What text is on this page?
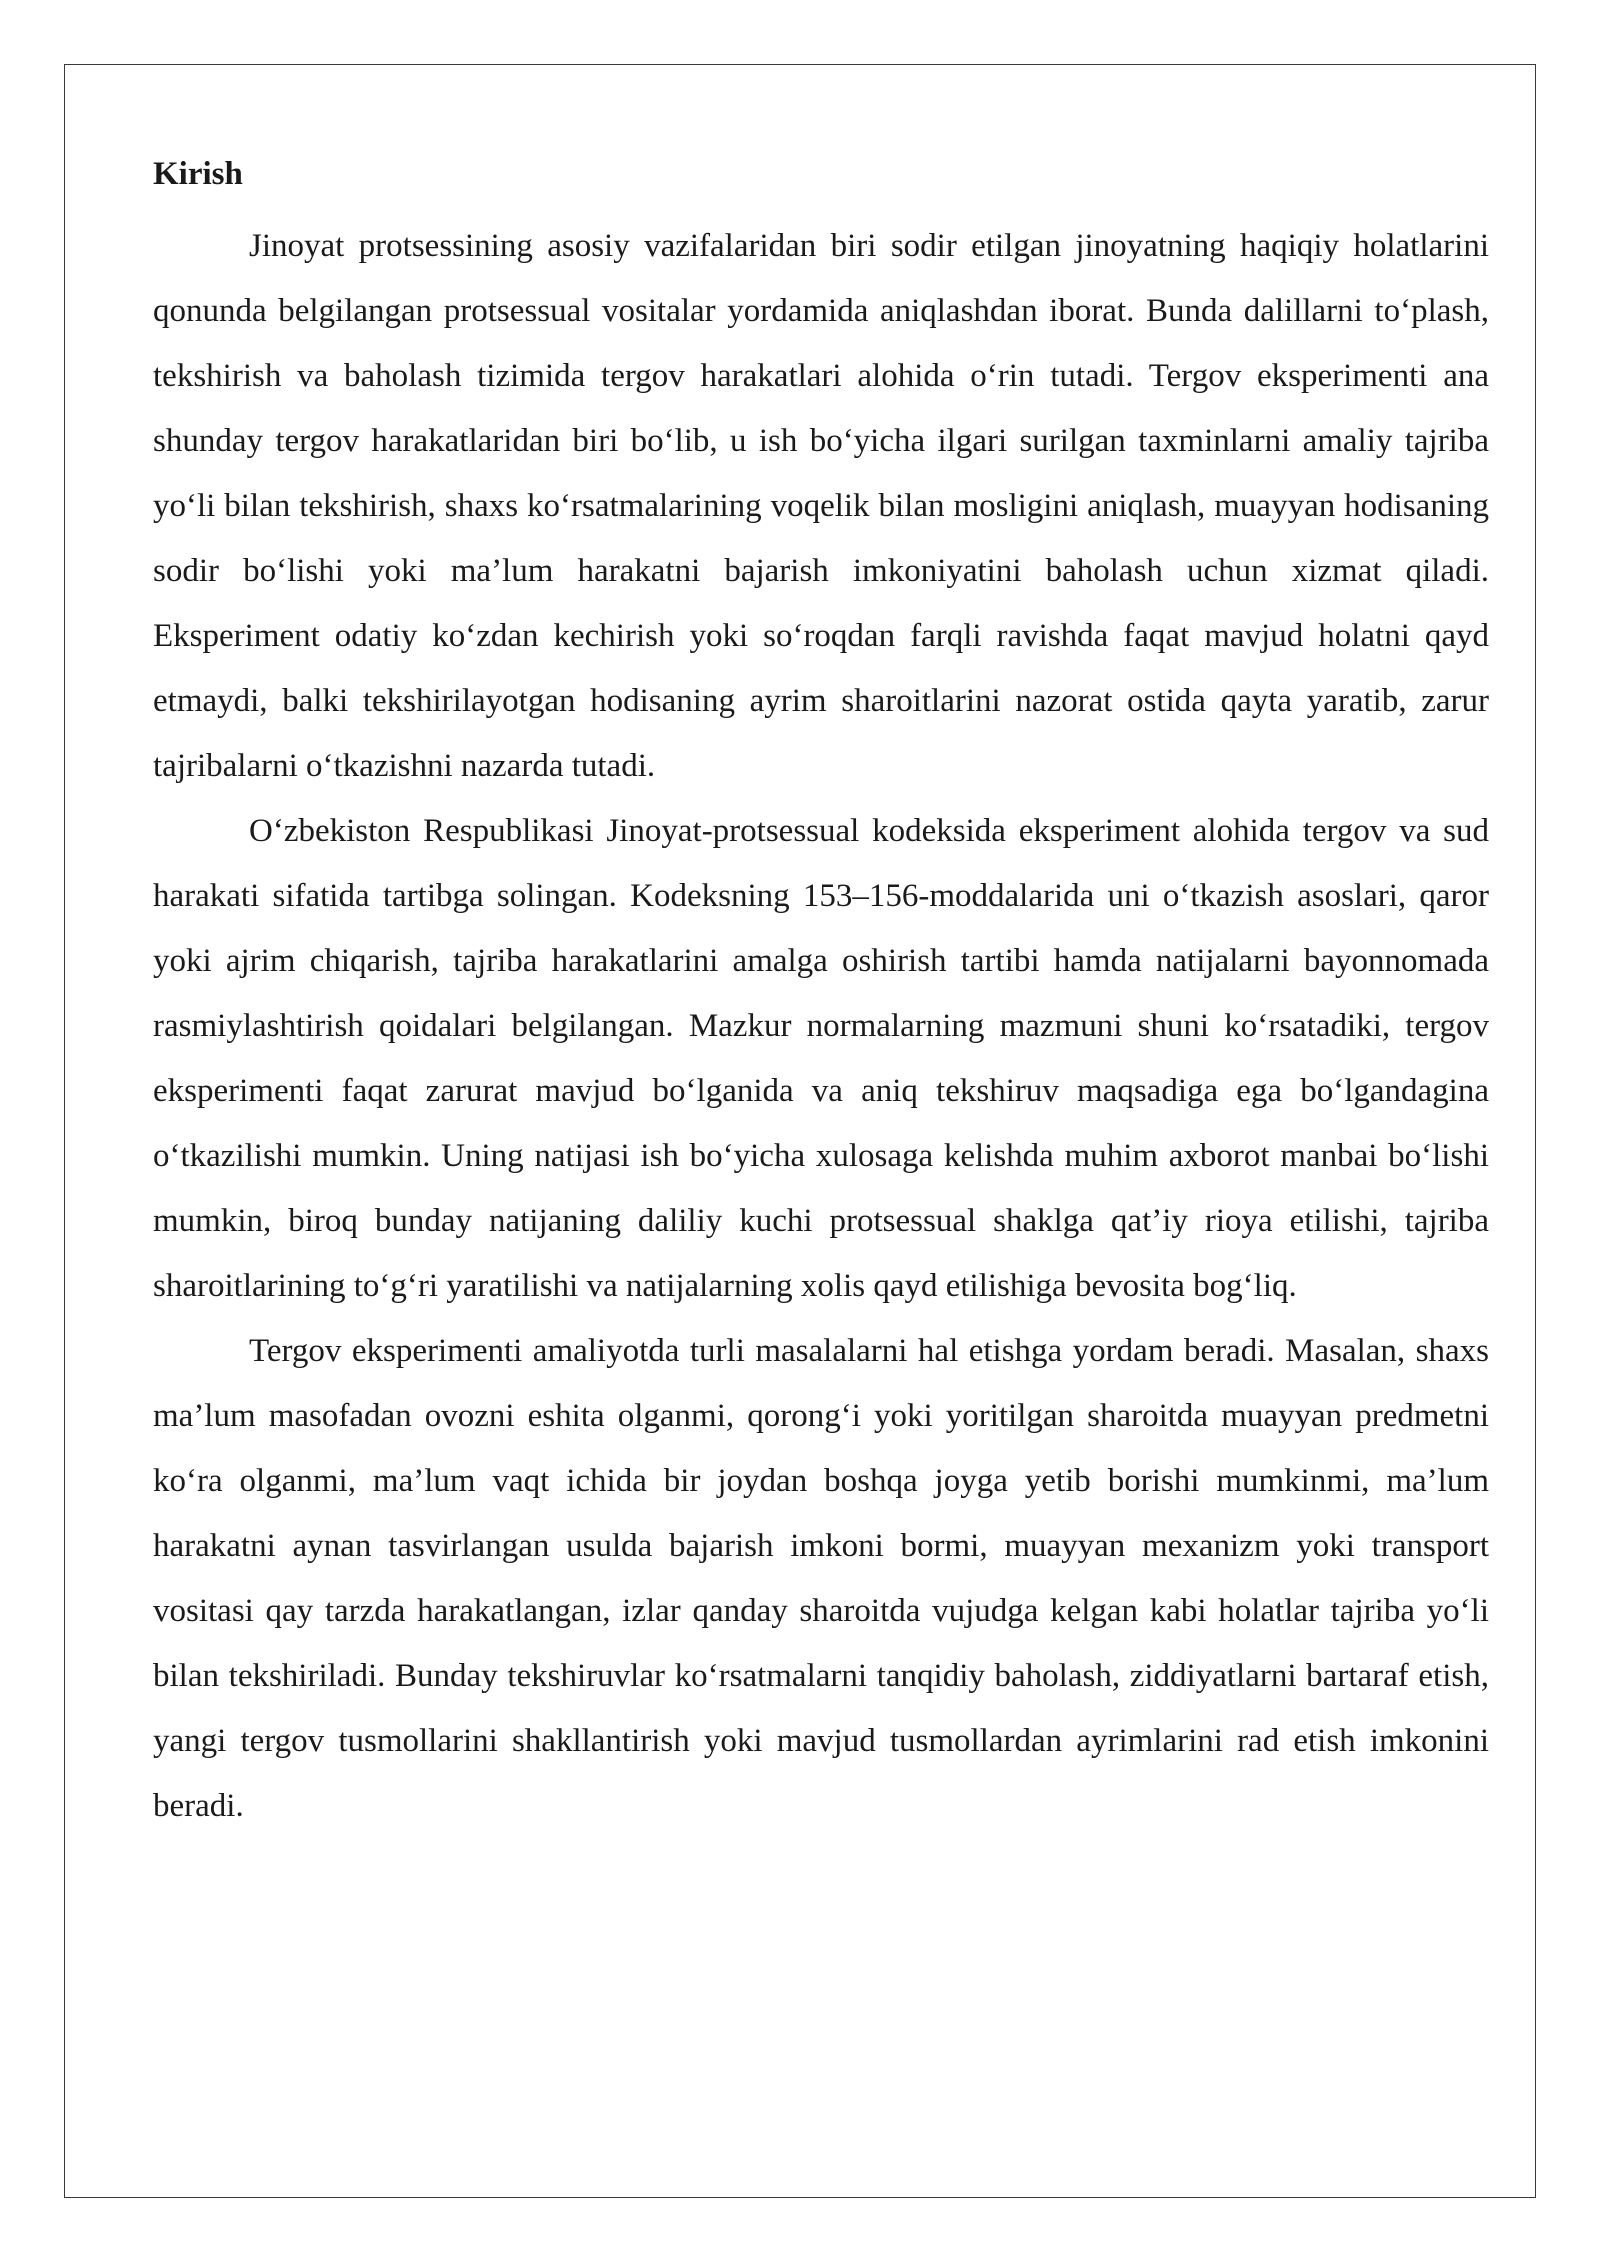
Kirish

Jinoyat protsessining asosiy vazifalaridan biri sodir etilgan jinoyatning haqiqiy holatlarini qonunda belgilangan protsessual vositalar yordamida aniqlashdan iborat. Bunda dalillarni to‘plash, tekshirish va baholash tizimida tergov harakatlari alohida o‘rin tutadi. Tergov eksperimenti ana shunday tergov harakatlaridan biri bo‘lib, u ish bo‘yicha ilgari surilgan taxminlarni amaliy tajriba yo‘li bilan tekshirish, shaxs ko‘rsatmalarining voqelik bilan mosligini aniqlash, muayyan hodisaning sodir bo‘lishi yoki ma’lum harakatni bajarish imkoniyatini baholash uchun xizmat qiladi. Eksperiment odatiy ko‘zdan kechirish yoki so‘roqdan farqli ravishda faqat mavjud holatni qayd etmaydi, balki tekshirilayotgan hodisaning ayrim sharoitlarini nazorat ostida qayta yaratib, zarur tajribalarni o‘tkazishni nazarda tutadi.

O‘zbekiston Respublikasi Jinoyat-protsessual kodeksida eksperiment alohida tergov va sud harakati sifatida tartibga solingan. Kodeksning 153–156-moddalarida uni o‘tkazish asoslari, qaror yoki ajrim chiqarish, tajriba harakatlarini amalga oshirish tartibi hamda natijalarni bayonnomada rasmiylashtirish qoidalari belgilangan. Mazkur normalarning mazmuni shuni ko‘rsatadiki, tergov eksperimenti faqat zarurat mavjud bo‘lganida va aniq tekshiruv maqsadiga ega bo‘lgandagina o‘tkazilishi mumkin. Uning natijasi ish bo‘yicha xulosaga kelishda muhim axborot manbai bo‘lishi mumkin, biroq bunday natijaning daliliy kuchi protsessual shaklga qat’iy rioya etilishi, tajriba sharoitlarining to‘g‘ri yaratilishi va natijalarning xolis qayd etilishiga bevosita bog‘liq.

Tergov eksperimenti amaliyotda turli masalalarni hal etishga yordam beradi. Masalan, shaxs ma’lum masofadan ovozni eshita olganmi, qorong‘i yoki yoritilgan sharoitda muayyan predmetni ko‘ra olganmi, ma’lum vaqt ichida bir joydan boshqa joyga yetib borishi mumkinmi, ma’lum harakatni aynan tasvirlangan usulda bajarish imkoni bormi, muayyan mexanizm yoki transport vositasi qay tarzda harakatlangan, izlar qanday sharoitda vujudga kelgan kabi holatlar tajriba yo‘li bilan tekshiriladi. Bunday tekshiruvlar ko‘rsatmalarni tanqidiy baholash, ziddiyatlarni bartaraf etish, yangi tergov tusmollarini shakllantirish yoki mavjud tusmollardan ayrimlarini rad etish imkonini beradi.
